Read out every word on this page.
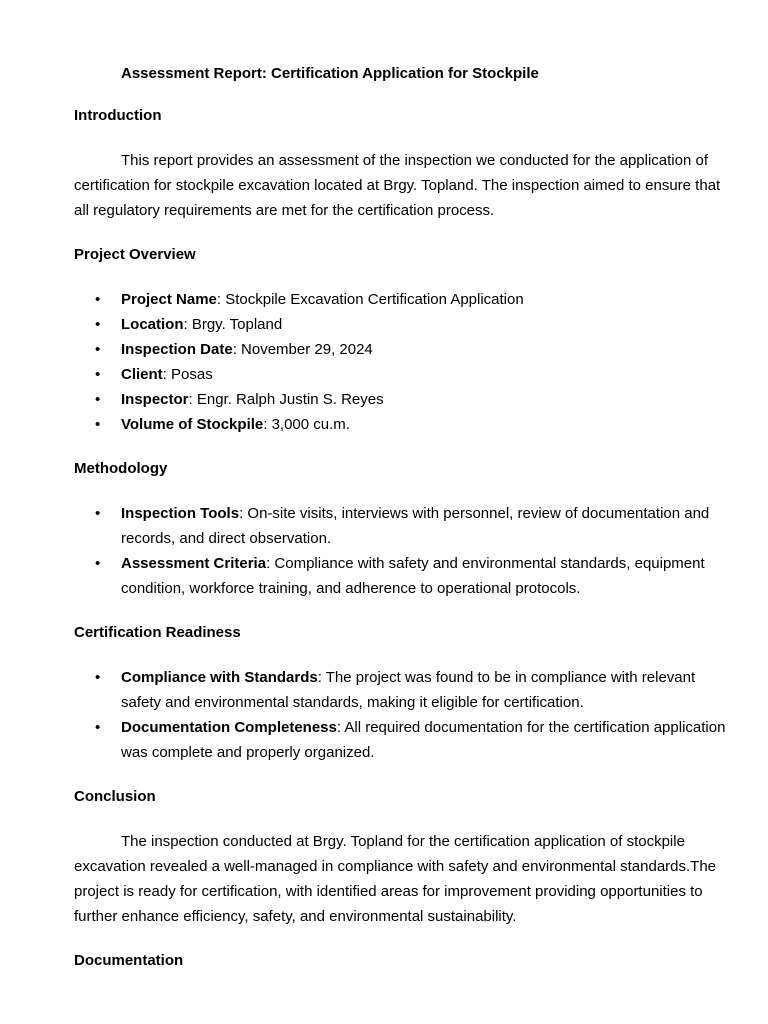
Assessment Report: Certification Application for Stockpile
Introduction

This report provides an assessment of the inspection we conducted for the application of certification for stockpile excavation located at Brgy. Topland. The inspection aimed to ensure that all regulatory requirements are met for the certification process.

Project Overview
• Project Name: Stockpile Excavation Certification Application
• Location: Brgy. Topland
• Inspection Date: November 29, 2024
• Client: Posas
• Inspector: Engr. Ralph Justin S. Reyes
• Volume of Stockpile: 3,000 cu.m.
Methodology
• Inspection Tools: On-site visits, interviews with personnel, review of documentation and records, and direct observation.
• Assessment Criteria: Compliance with safety and environmental standards, equipment condition, workforce training, and adherence to operational protocols.
Certification Readiness
• Compliance with Standards: The project was found to be in compliance with relevant safety and environmental standards, making it eligible for certification.
• Documentation Completeness: All required documentation for the certification application was complete and properly organized.
Conclusion

The inspection conducted at Brgy. Topland for the certification application of stockpile excavation revealed a well-managed in compliance with safety and environmental standards.The project is ready for certification, with identified areas for improvement providing opportunities to further enhance efficiency, safety, and environmental sustainability.

Documentation
